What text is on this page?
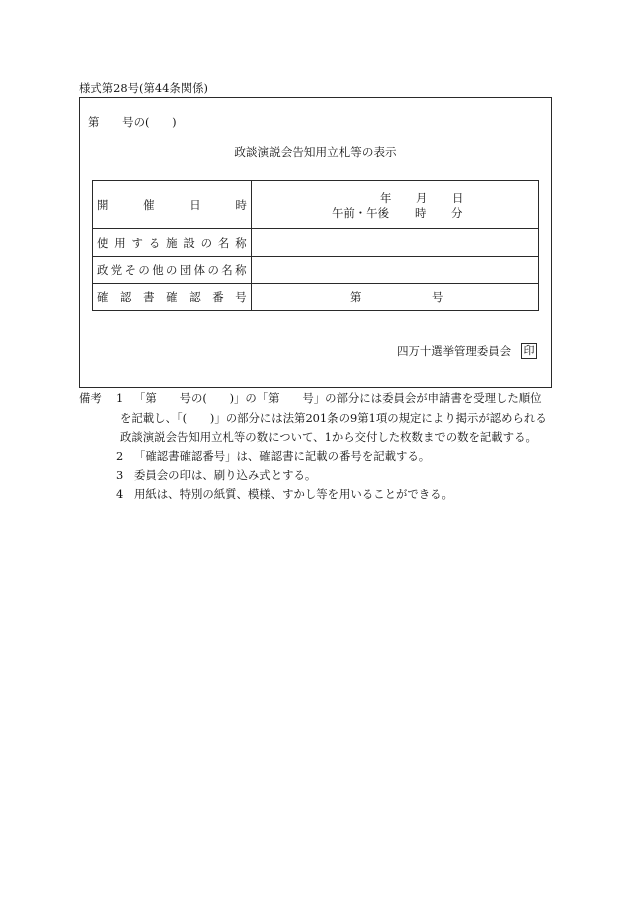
様式第28号(第44条関係)
第　　号の(　　)
政談演説会告知用立札等の表示
開催日時	年 月 日
午前・午後 時 分
使用する施設の名称
政党その他の団体の名称
確認書確認番号	第	号
四万十選挙管理委員会 印
備考 1 「第　　号の(　　)」の「第　　号」の部分には委員会が申請書を受理した順位
を記載し、「(　　)」の部分には法第201条の9第1項の規定により掲示が認められる
政談演説会告知用立札等の数について、1から交付した枚数までの数を記載する。
2 「確認書確認番号」は、確認書に記載の番号を記載する。
3 委員会の印は、刷り込み式とする。
4 用紙は、特別の紙質、模様、すかし等を用いることができる。
